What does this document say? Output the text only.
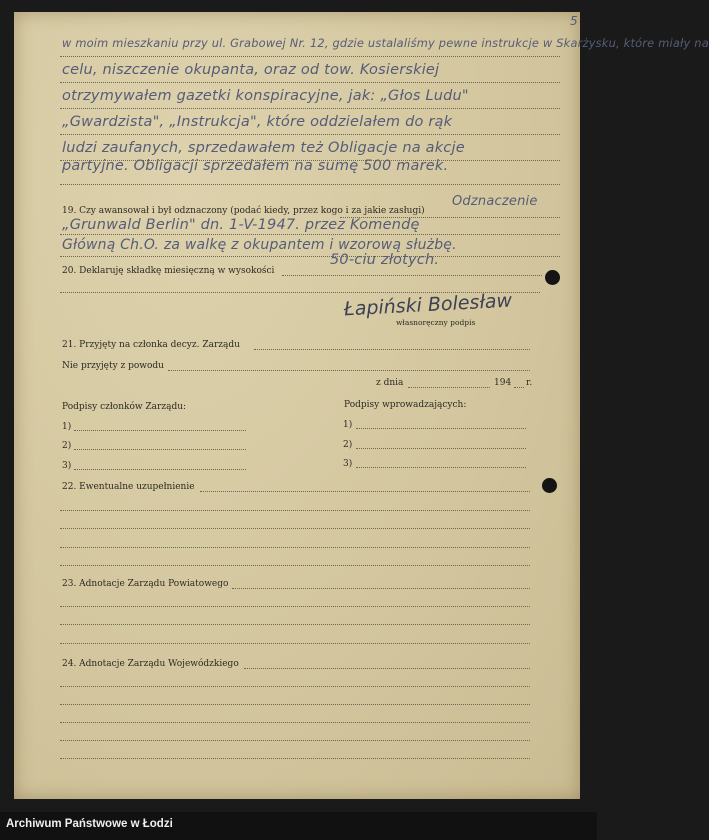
5
w moim mieszkaniu przy ul. Grabowej Nr. 12, gdzie ustalaliśmy pewne instrukcje w Skarżysku, które miały na
celu, niszczenie okupanta, oraz od tow. Kosierskiej
otrzymywałem gazetki konspiracyjne, jak: „Głos Ludu"
„Gwardzista", „Instrukcja", które oddzielałem do rąk
ludzi zaufanych, sprzedawałem też Obligacje na akcje
partyjne. Obligacji sprzedałem na sumę 500 marek.
19. Czy awansował i był odznaczony (podać kiedy, przez kogo i za jakie zasługi)
Odznaczenie
„Grunwald Berlin" dn. 1-V-1947. przez Komendę
Główną Ch.O. za walkę z okupantem i wzorową służbę.
20. Deklaruję składkę miesięczną w wysokości
50-ciu złotych.
Łapiński Bolesław
własnoręczny podpis
21. Przyjęty na członka decyz. Zarządu
Nie przyjęty z powodu
z dnia	194 r.
Podpisy członków Zarządu:
1)
2)
3)
Podpisy wprowadzających:
1)
2)
3)
22. Ewentualne uzupełnienie
23. Adnotacje Zarządu Powiatowego
24. Adnotacje Zarządu Wojewódzkiego
Archiwum Państwowe w Łodzi
